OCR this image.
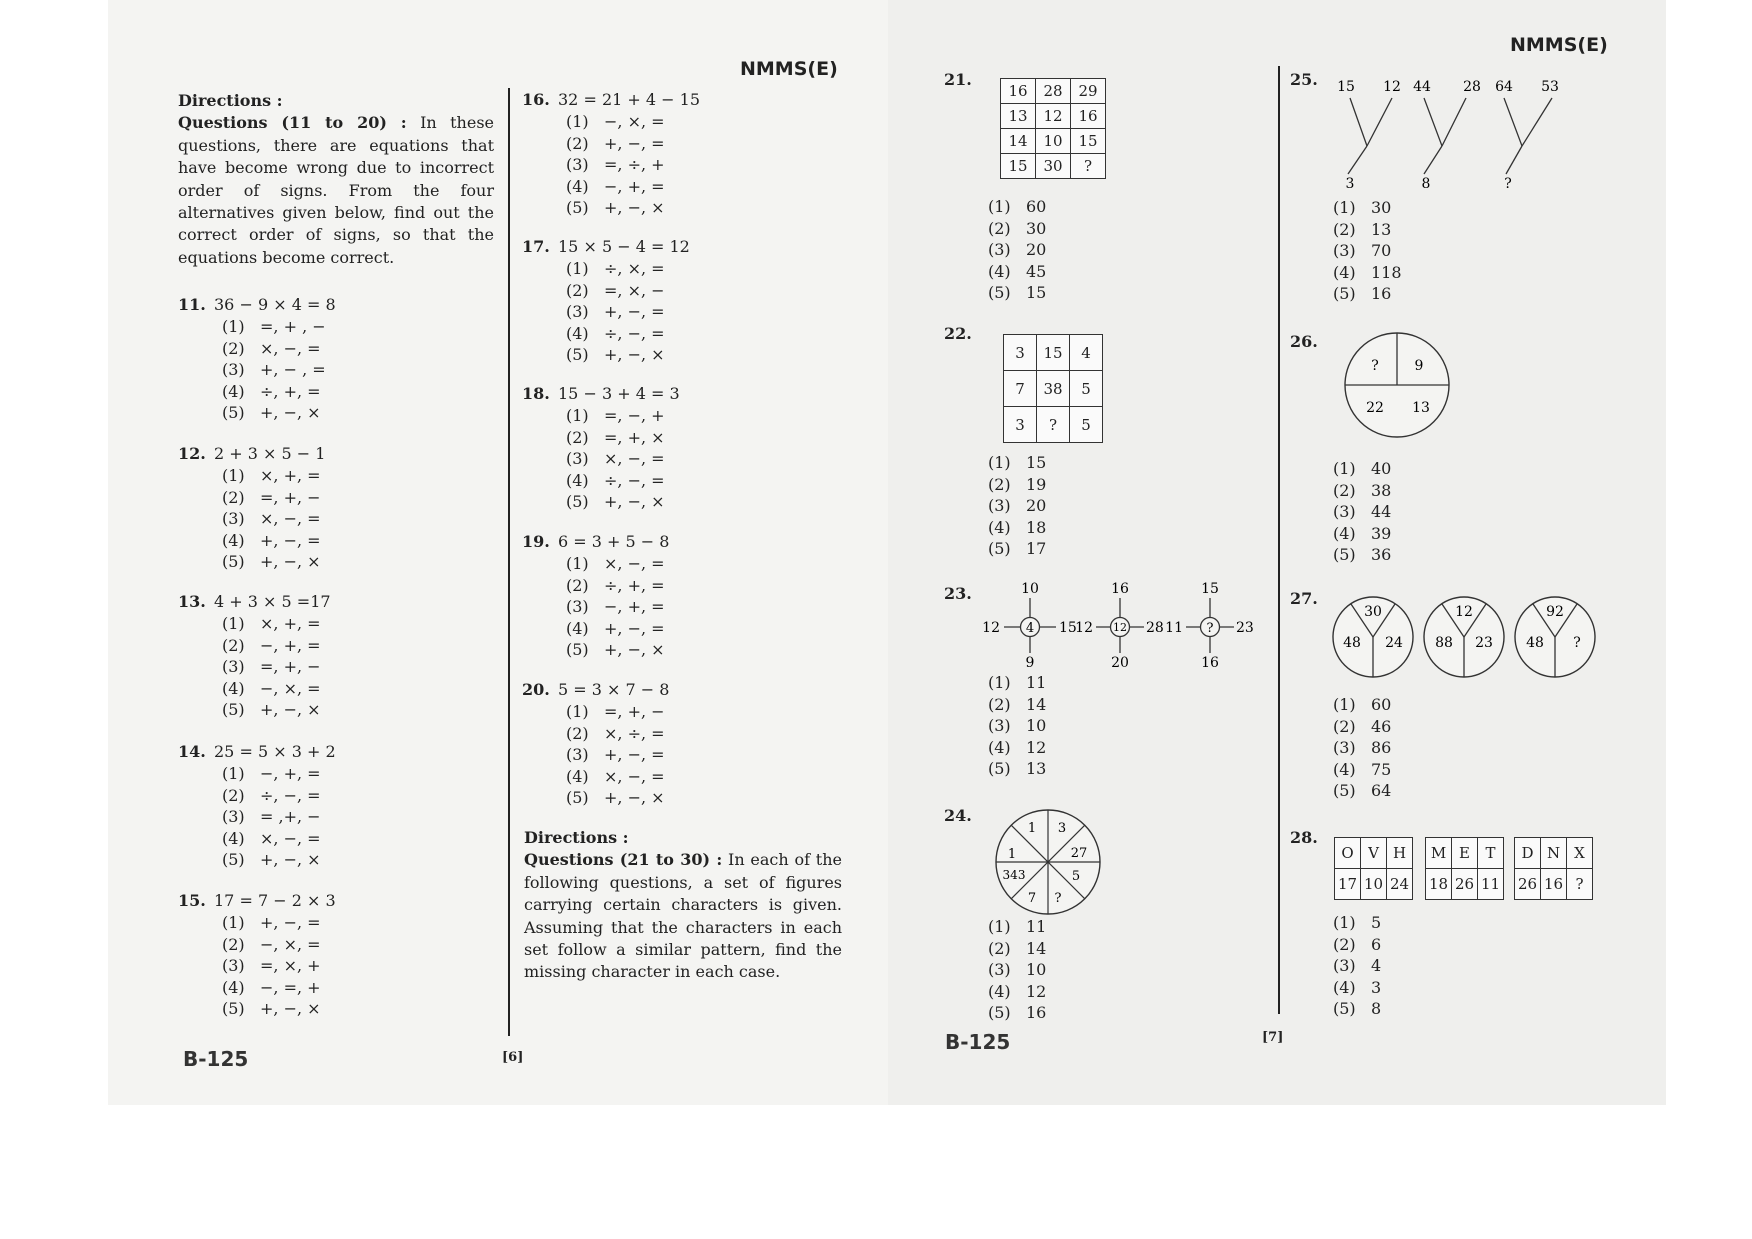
NMMS(E)
NMMS(E)
B-125	[6]
B-125	[7]
Directions :
Questions (11 to 20) : In these questions, there are equations that have become wrong due to incorrect order of signs. From the four alternatives given below, find out the correct order of signs, so that the equations become correct.
11. 36 − 9 × 4 = 8
(1) =, + , −
(2) ×, −, =
(3) +, − , =
(4) ÷, +, =
(5) +, −, ×
12. 2 + 3 × 5 − 1
(1) ×, +, =
(2) =, +, −
(3) ×, −, =
(4) +, −, =
(5) +, −, ×
13. 4 + 3 × 5 =17
(1) ×, +, =
(2) −, +, =
(3) =, +, −
(4) −, ×, =
(5) +, −, ×
14. 25 = 5 × 3 + 2
(1) −, +, =
(2) ÷, −, =
(3) = ,+, −
(4) ×, −, =
(5) +, −, ×
15. 17 = 7 − 2 × 3
(1) +, −, =
(2) −, ×, =
(3) =, ×, +
(4) −, =, +
(5) +, −, ×
16. 32 = 21 + 4 − 15
(1) −, ×, =
(2) +, −, =
(3) =, ÷, +
(4) −, +, =
(5) +, −, ×
17. 15 × 5 − 4 = 12
(1) ÷, ×, =
(2) =, ×, −
(3) +, −, =
(4) ÷, −, =
(5) +, −, ×
18. 15 − 3 + 4 = 3
(1) =, −, +
(2) =, +, ×
(3) ×, −, =
(4) ÷, −, =
(5) +, −, ×
19. 6 = 3 + 5 − 8
(1) ×, −, =
(2) ÷, +, =
(3) −, +, =
(4) +, −, =
(5) +, −, ×
20. 5 = 3 × 7 − 8
(1) =, +, −
(2) ×, ÷, =
(3) +, −, =
(4) ×, −, =
(5) +, −, ×
Directions :
Questions (21 to 30) : In each of the following questions, a set of figures carrying certain characters is given. Assuming that the characters in each set follow a similar pattern, find the missing character in each case.
21.
16	28	29
13	12	16
14	10	15
15	30	?
(1) 60
(2) 30
(3) 20
(4) 45
(5) 15
22.
3	15	4
7	38	5
3	?	5
(1) 15
(2) 19
(3) 20
(4) 18
(5) 17
23.	10
12 4 15
9
16
12 12 28
20
15
11 ? 23
16
(1) 11
(2) 14
(3) 10
(4) 12
(5) 13
24.
1 3
27
5
?
7
343
1
(1) 11
(2) 14
(3) 10
(4) 12
(5) 16
25. 15 12
3
44 28
8
64 53
?
(1) 30
(2) 13
(3) 70
(4) 118
(5) 16
26.
?	9
22 13
(1) 40
(2) 38
(3) 44
(4) 39
(5) 36
27.
30
48 24
12
88 23
92
48 ?
(1) 60
(2) 46
(3) 86
(4) 75
(5) 64
28.
O	V	H
17	10	24
M	E	T
18	26	11
D	N	X
26	16	?
(1) 5
(2) 6
(3) 4
(4) 3
(5) 8
